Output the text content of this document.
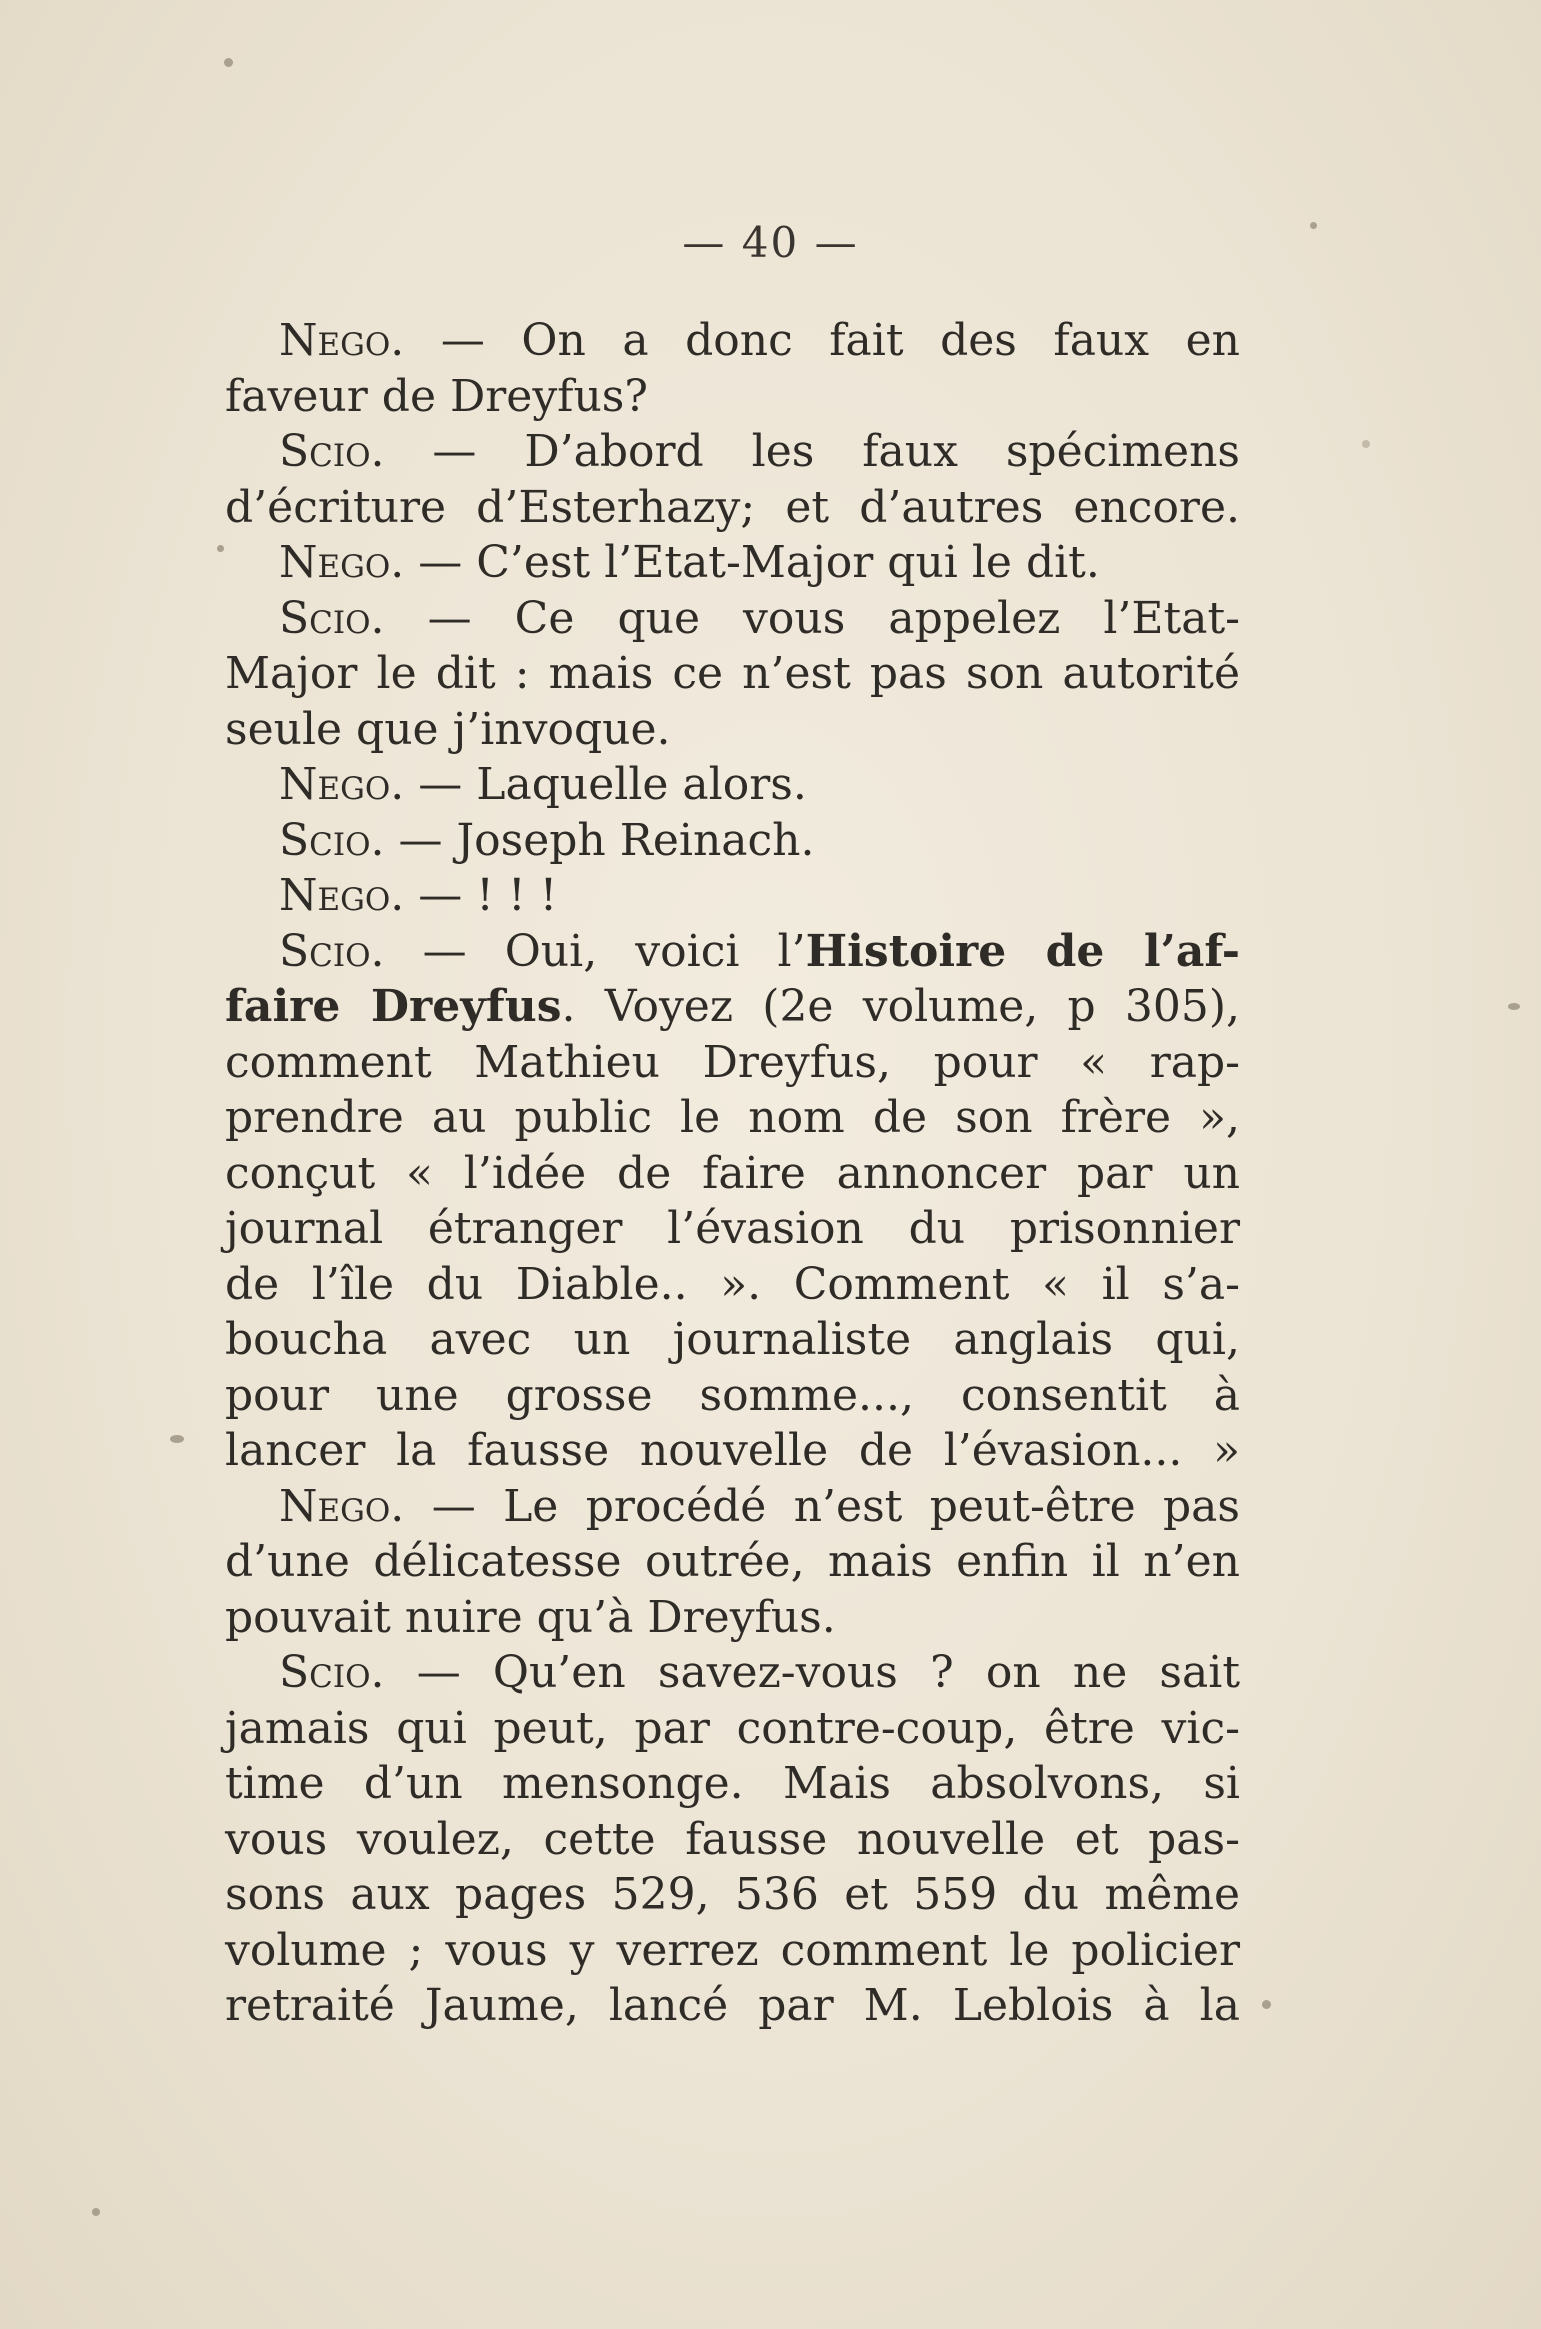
— 40 —
Nego. — On a donc fait des faux en
faveur de Dreyfus?
Scio. — D’abord les faux spécimens
d’écriture d’Esterhazy; et d’autres encore.
Nego. — C’est l’Etat-Major qui le dit.
Scio. — Ce que vous appelez l’Etat-
Major le dit : mais ce n’est pas son autorité
seule que j’invoque.
Nego. — Laquelle alors.
Scio. — Joseph Reinach.
Nego. — ! ! !
Scio. — Oui, voici l’Histoire de l’af-
faire Dreyfus. Voyez (2e volume, p 305),
comment Mathieu Dreyfus, pour « rap-
prendre au public le nom de son frère »,
conçut « l’idée de faire annoncer par un
journal étranger l’évasion du prisonnier
de l’île du Diable.. ». Comment « il s’a-
boucha avec un journaliste anglais qui,
pour une grosse somme..., consentit à
lancer la fausse nouvelle de l’évasion... »
Nego. — Le procédé n’est peut-être pas
d’une délicatesse outrée, mais enfin il n’en
pouvait nuire qu’à Dreyfus.
Scio. — Qu’en savez-vous ? on ne sait
jamais qui peut, par contre-coup, être vic-
time d’un mensonge. Mais absolvons, si
vous voulez, cette fausse nouvelle et pas-
sons aux pages 529, 536 et 559 du même
volume ; vous y verrez comment le policier
retraité Jaume, lancé par M. Leblois à la
